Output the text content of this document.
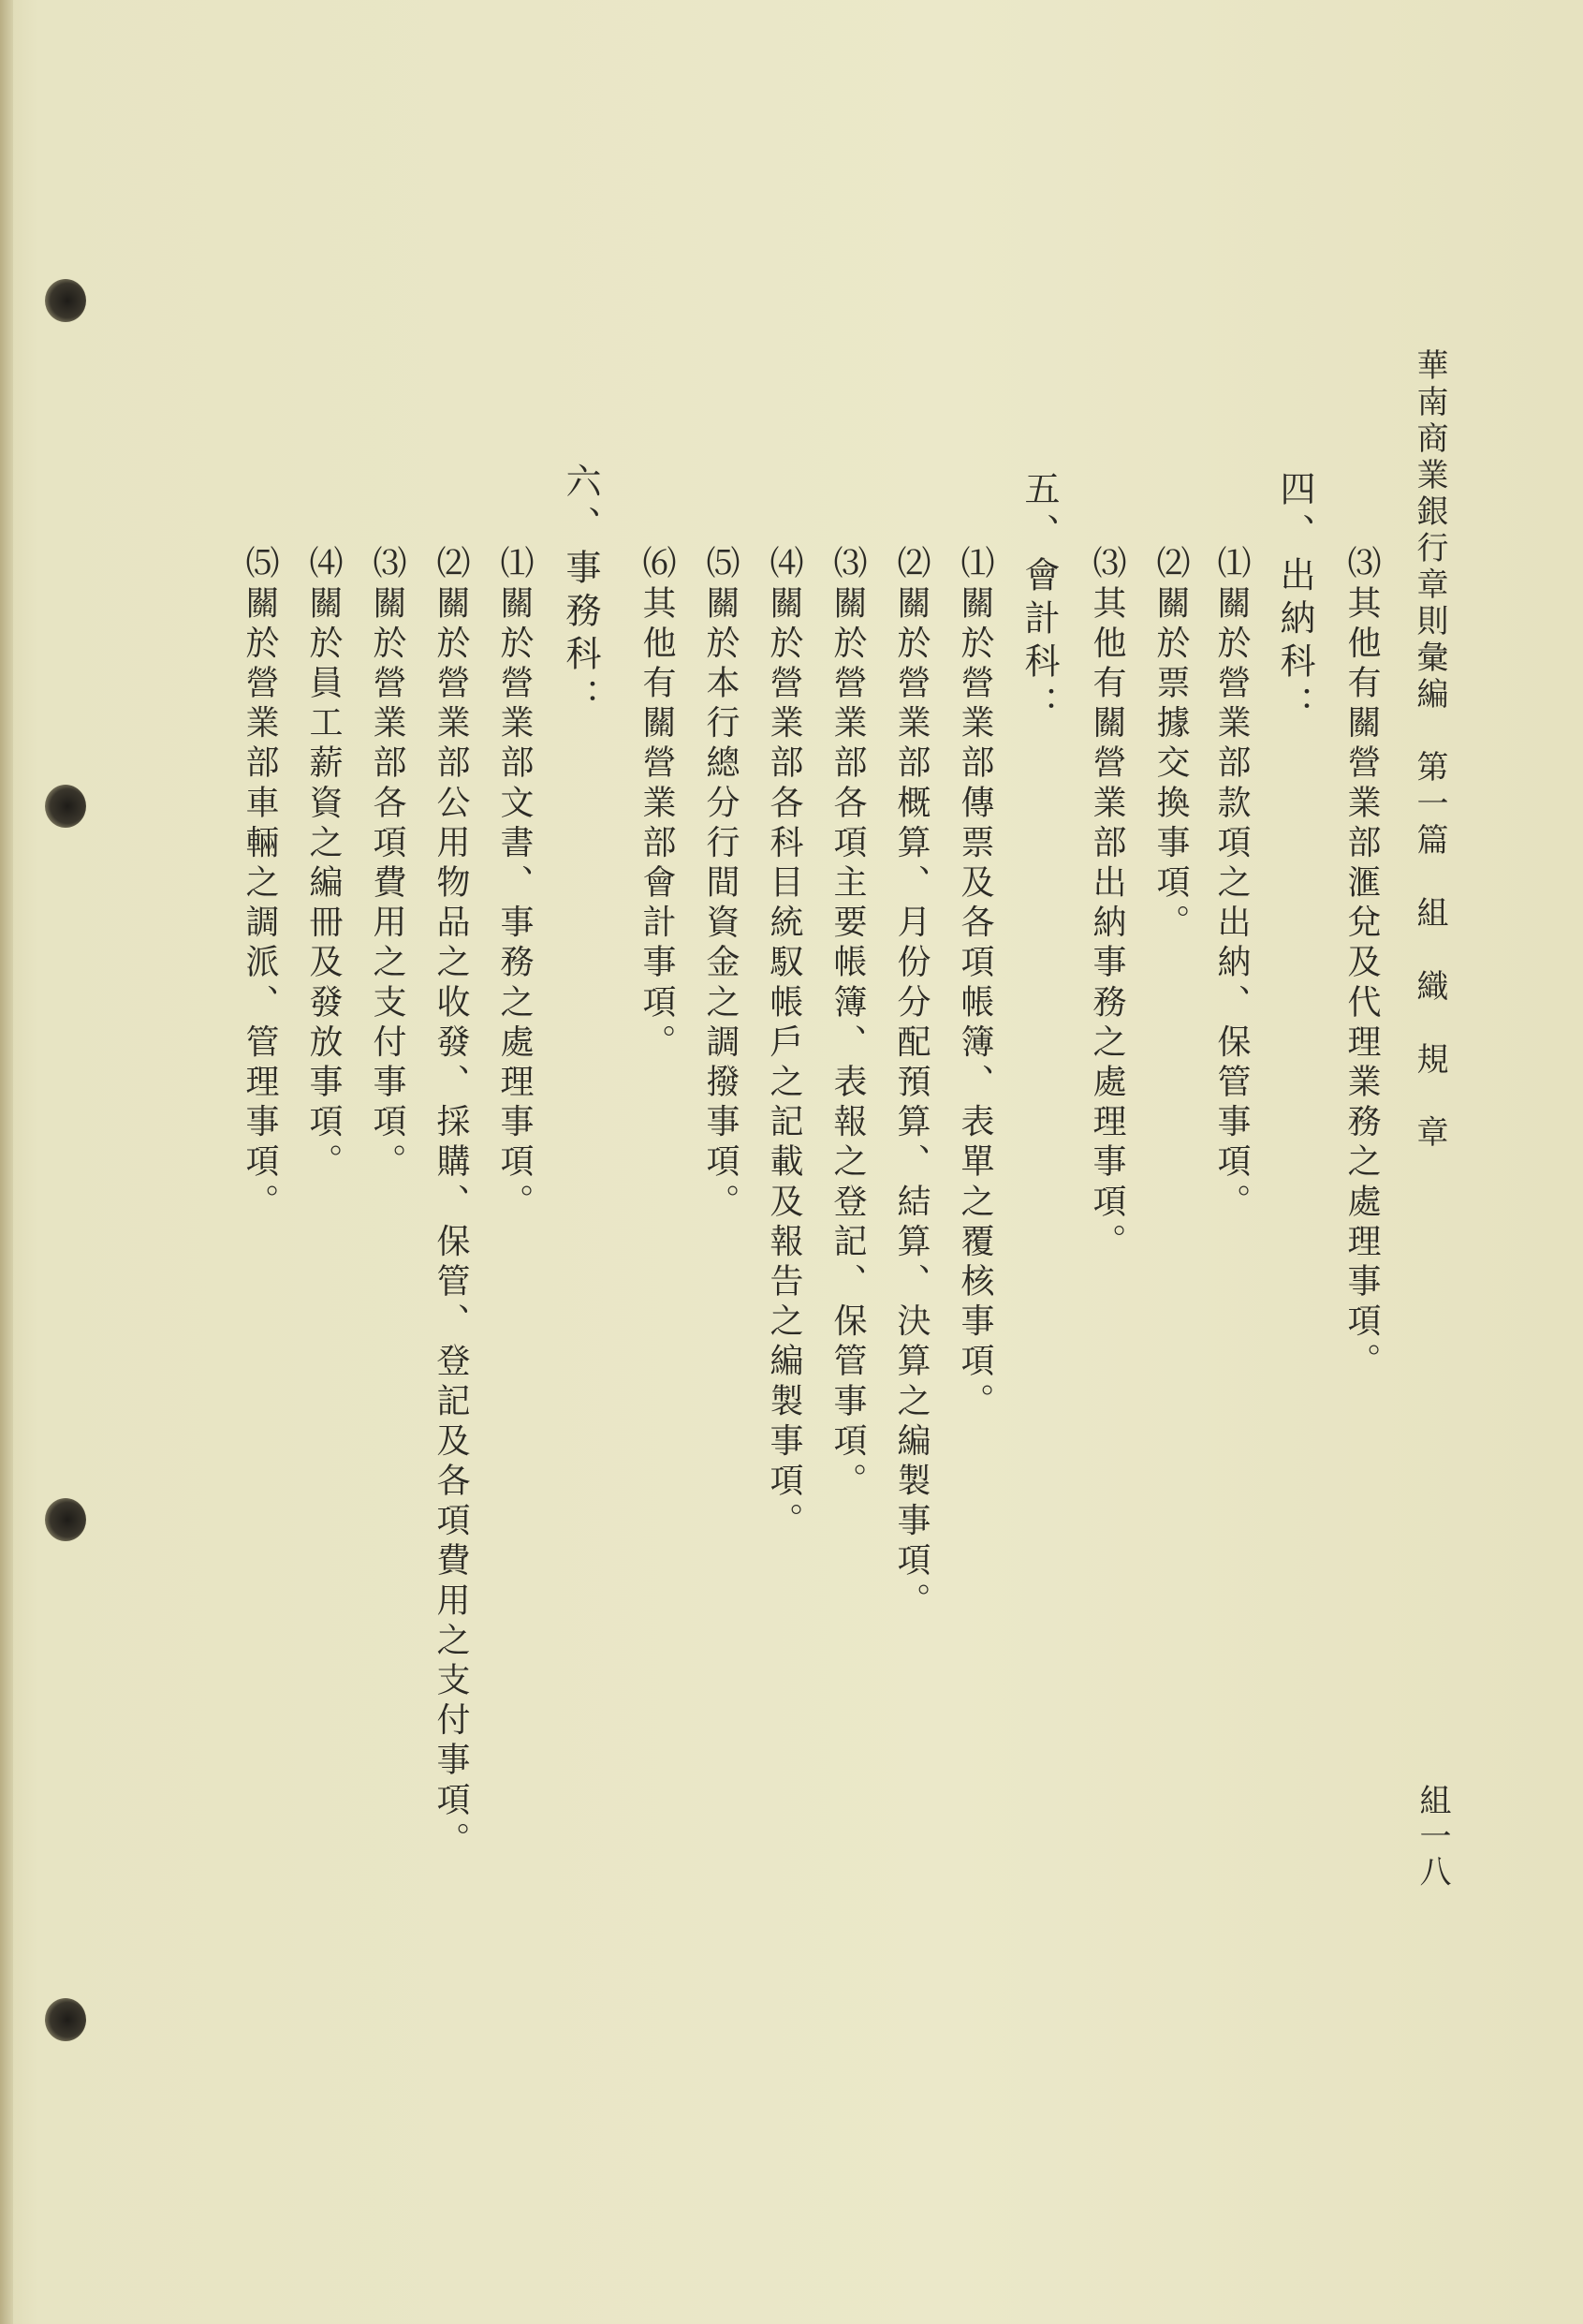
華南商業銀行章則彙編　第一篇　組　織　規　章
組一八
⑶其他有關營業部滙兌及代理業務之處理事項。
四、出納科：
⑴關於營業部款項之出納、保管事項。
⑵關於票據交換事項。
⑶其他有關營業部出納事務之處理事項。
五、會計科：
⑴關於營業部傳票及各項帳簿、表單之覆核事項。
⑵關於營業部概算、月份分配預算、結算、決算之編製事項。
⑶關於營業部各項主要帳簿、表報之登記、保管事項。
⑷關於營業部各科目統馭帳戶之記載及報告之編製事項。
⑸關於本行總分行間資金之調撥事項。
⑹其他有關營業部會計事項。
六、事務科：
⑴關於營業部文書、事務之處理事項。
⑵關於營業部公用物品之收發、採購、保管、登記及各項費用之支付事項。
⑶關於營業部各項費用之支付事項。
⑷關於員工薪資之編冊及發放事項。
⑸關於營業部車輛之調派、管理事項。
